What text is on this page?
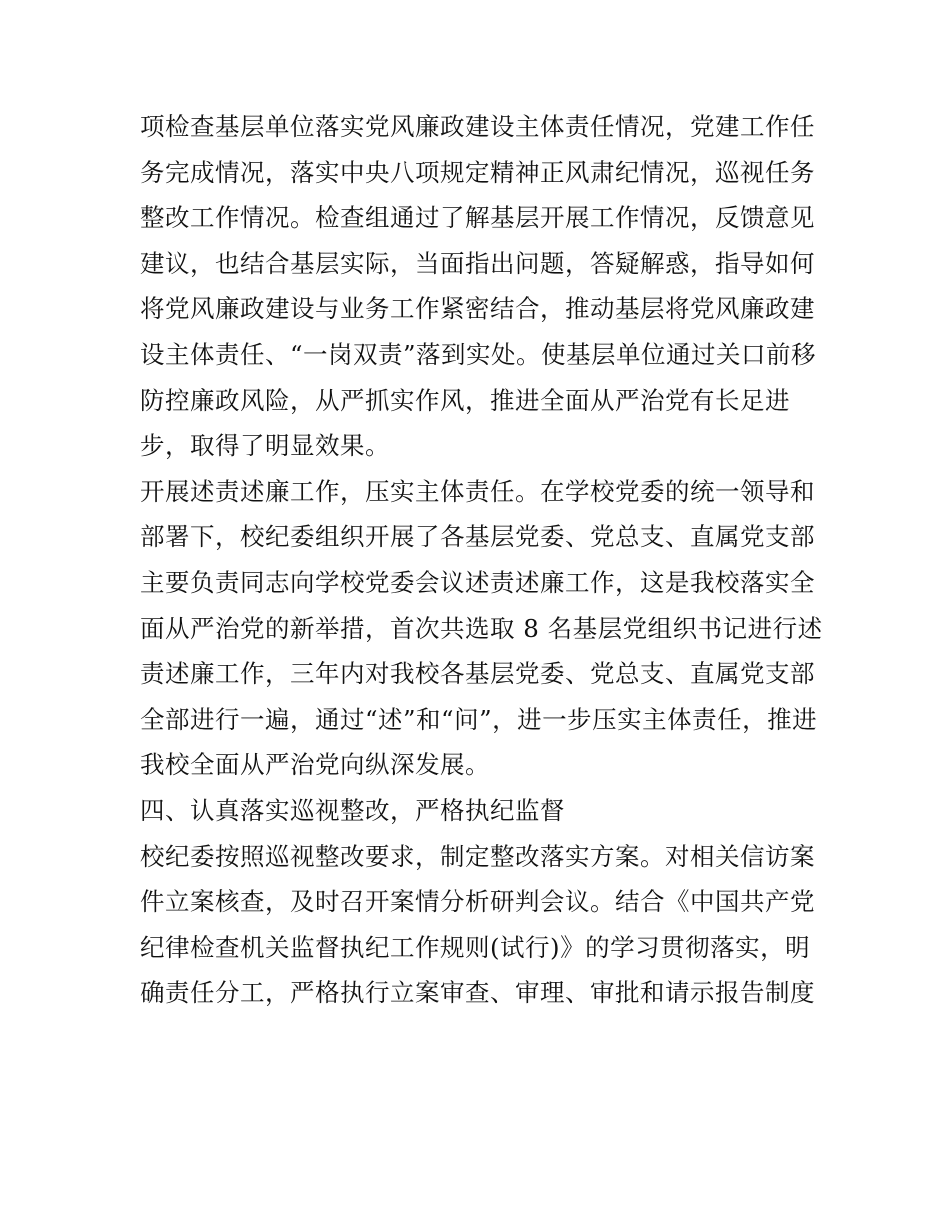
项检查基层单位落实党风廉政建设主体责任情况，党建工作任
务完成情况，落实中央八项规定精神正风肃纪情况，巡视任务
整改工作情况。检查组通过了解基层开展工作情况，反馈意见
建议，也结合基层实际，当面指出问题，答疑解惑，指导如何
将党风廉政建设与业务工作紧密结合，推动基层将党风廉政建
设主体责任、“一岗双责”落到实处。使基层单位通过关口前移
防控廉政风险，从严抓实作风，推进全面从严治党有长足进
步，取得了明显效果。
开展述责述廉工作，压实主体责任。在学校党委的统一领导和
部署下，校纪委组织开展了各基层党委、党总支、直属党支部
主要负责同志向学校党委会议述责述廉工作，这是我校落实全
面从严治党的新举措，首次共选取 8 名基层党组织书记进行述
责述廉工作，三年内对我校各基层党委、党总支、直属党支部
全部进行一遍，通过“述”和“问”，进一步压实主体责任，推进
我校全面从严治党向纵深发展。
四、认真落实巡视整改，严格执纪监督
校纪委按照巡视整改要求，制定整改落实方案。对相关信访案
件立案核查，及时召开案情分析研判会议。结合《中国共产党
纪律检查机关监督执纪工作规则(试行)》的学习贯彻落实，明
确责任分工，严格执行立案审查、审理、审批和请示报告制度
